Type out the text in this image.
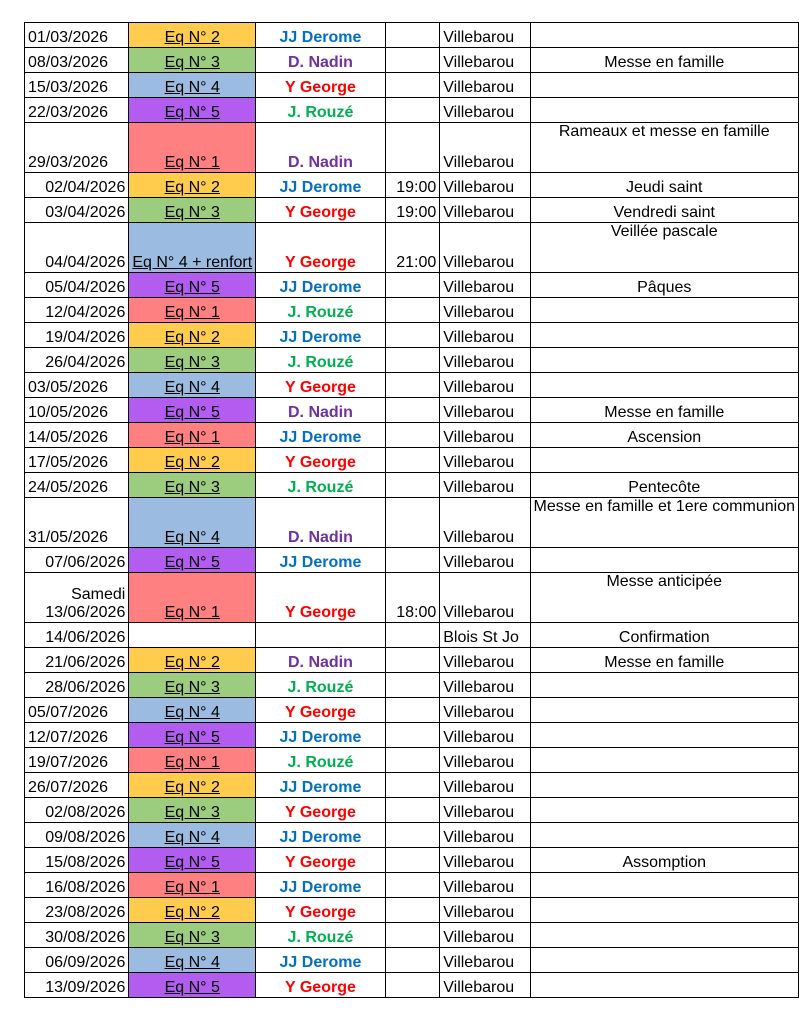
01/03/2026	Eq N° 2	JJ Derome		Villebarou	
08/03/2026	Eq N° 3	D. Nadin		Villebarou	Messe en famille
15/03/2026	Eq N° 4	Y George		Villebarou	
22/03/2026	Eq N° 5	J. Rouzé		Villebarou	
29/03/2026	Eq N° 1	D. Nadin		Villebarou	Rameaux et messe en famille
02/04/2026	Eq N° 2	JJ Derome	19:00	Villebarou	Jeudi saint
03/04/2026	Eq N° 3	Y George	19:00	Villebarou	Vendredi saint
04/04/2026	Eq N° 4 + renfort	Y George	21:00	Villebarou	Veillée pascale
05/04/2026	Eq N° 5	JJ Derome		Villebarou	Pâques
12/04/2026	Eq N° 1	J. Rouzé		Villebarou	
19/04/2026	Eq N° 2	JJ Derome		Villebarou	
26/04/2026	Eq N° 3	J. Rouzé		Villebarou	
03/05/2026	Eq N° 4	Y George		Villebarou	
10/05/2026	Eq N° 5	D. Nadin		Villebarou	Messe en famille
14/05/2026	Eq N° 1	JJ Derome		Villebarou	Ascension
17/05/2026	Eq N° 2	Y George		Villebarou	
24/05/2026	Eq N° 3	J. Rouzé		Villebarou	Pentecôte
31/05/2026	Eq N° 4	D. Nadin		Villebarou	Messe en famille et 1ere communion
07/06/2026	Eq N° 5	JJ Derome		Villebarou	
Samedi 13/06/2026	Eq N° 1	Y George	18:00	Villebarou	Messe anticipée
14/06/2026				Blois St Jo	Confirmation
21/06/2026	Eq N° 2	D. Nadin		Villebarou	Messe en famille
28/06/2026	Eq N° 3	J. Rouzé		Villebarou	
05/07/2026	Eq N° 4	Y George		Villebarou	
12/07/2026	Eq N° 5	JJ Derome		Villebarou	
19/07/2026	Eq N° 1	J. Rouzé		Villebarou	
26/07/2026	Eq N° 2	JJ Derome		Villebarou	
02/08/2026	Eq N° 3	Y George		Villebarou	
09/08/2026	Eq N° 4	JJ Derome		Villebarou	
15/08/2026	Eq N° 5	Y George		Villebarou	Assomption
16/08/2026	Eq N° 1	JJ Derome		Villebarou	
23/08/2026	Eq N° 2	Y George		Villebarou	
30/08/2026	Eq N° 3	J. Rouzé		Villebarou	
06/09/2026	Eq N° 4	JJ Derome		Villebarou	
13/09/2026	Eq N° 5	Y George		Villebarou	
